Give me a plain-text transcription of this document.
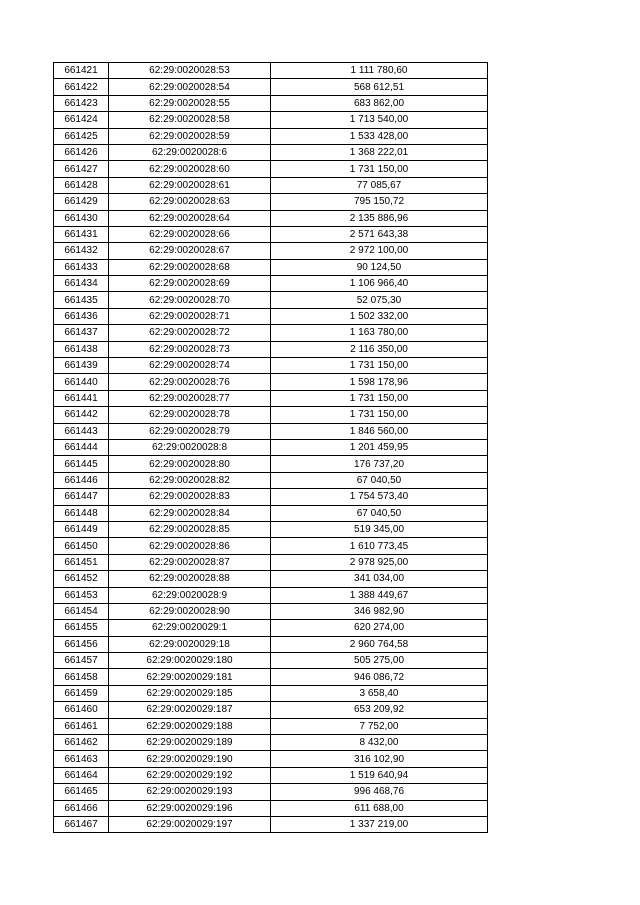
661421	62:29:0020028:53	1 111 780,60
661422	62:29:0020028:54	568 612,51
661423	62:29:0020028:55	683 862,00
661424	62:29:0020028:58	1 713 540,00
661425	62:29:0020028:59	1 533 428,00
661426	62:29:0020028:6	1 368 222,01
661427	62:29:0020028:60	1 731 150,00
661428	62:29:0020028:61	77 085,67
661429	62:29:0020028:63	795 150,72
661430	62:29:0020028:64	2 135 886,96
661431	62:29:0020028:66	2 571 643,38
661432	62:29:0020028:67	2 972 100,00
661433	62:29:0020028:68	90 124,50
661434	62:29:0020028:69	1 106 966,40
661435	62:29:0020028:70	52 075,30
661436	62:29:0020028:71	1 502 332,00
661437	62:29:0020028:72	1 163 780,00
661438	62:29:0020028:73	2 116 350,00
661439	62:29:0020028:74	1 731 150,00
661440	62:29:0020028:76	1 598 178,96
661441	62:29:0020028:77	1 731 150,00
661442	62:29:0020028:78	1 731 150,00
661443	62:29:0020028:79	1 846 560,00
661444	62:29:0020028:8	1 201 459,95
661445	62:29:0020028:80	176 737,20
661446	62:29:0020028:82	67 040,50
661447	62:29:0020028:83	1 754 573,40
661448	62:29:0020028:84	67 040,50
661449	62:29:0020028:85	519 345,00
661450	62:29:0020028:86	1 610 773,45
661451	62:29:0020028:87	2 978 925,00
661452	62:29:0020028:88	341 034,00
661453	62:29:0020028:9	1 388 449,67
661454	62:29:0020028:90	346 982,90
661455	62:29:0020029:1	620 274,00
661456	62:29:0020029:18	2 960 764,58
661457	62:29:0020029:180	505 275,00
661458	62:29:0020029:181	946 086,72
661459	62:29:0020029:185	3 658,40
661460	62:29:0020029:187	653 209,92
661461	62:29:0020029:188	7 752,00
661462	62:29:0020029:189	8 432,00
661463	62:29:0020029:190	316 102,90
661464	62:29:0020029:192	1 519 640,94
661465	62:29:0020029:193	996 468,76
661466	62:29:0020029:196	611 688,00
661467	62:29:0020029:197	1 337 219,00
